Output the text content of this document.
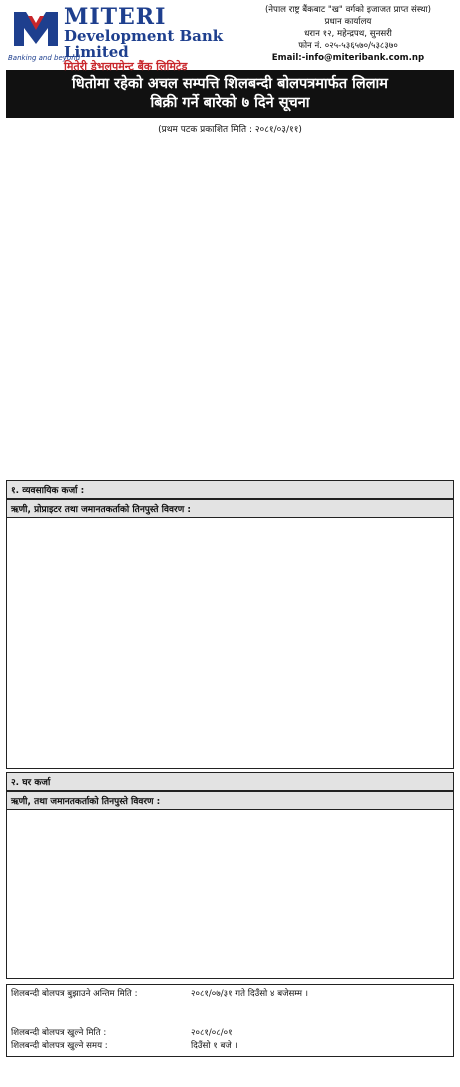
Banking and beyond
MITERI
Development Bank Limited
मितेरी डेभलपमेन्ट बैंक लिमिटेड
(नेपाल राष्ट्र बैंकबाट "ख" वर्गको इजाजत प्राप्त संस्था)
प्रधान कार्यालय
धरान १२, महेन्द्रपथ, सुनसरी
फोन नं. ०२५-५३६५७०/५३८३७०
Email:-info@miteribank.com.np
धितोमा रहेको अचल सम्पत्ति शिलबन्दी बोलपत्रमार्फत लिलाम
बिक्री गर्ने बारेको ७ दिने सूचना
(प्रथम पटक प्रकाशित मिति : २०८१/०३/११)
१. व्यवसायिक कर्जा :
ऋणी, प्रोप्राइटर तथा जमानतकर्ताको तिनपुस्ते विवरण :
२. घर कर्जा
ऋणी, तथा जमानतकर्ताको तिनपुस्ते विवरण :
शिलबन्दी बोलपत्र बुझाउने अन्तिम मिति :	२०८१/०७/३१ गते दिउँसो ४ बजेसम्म ।
शिलबन्दी बोलपत्र खुल्ने मिति :	२०८१/०८/०१
शिलबन्दी बोलपत्र खुल्ने समय :	दिउँसो १ बजे ।
